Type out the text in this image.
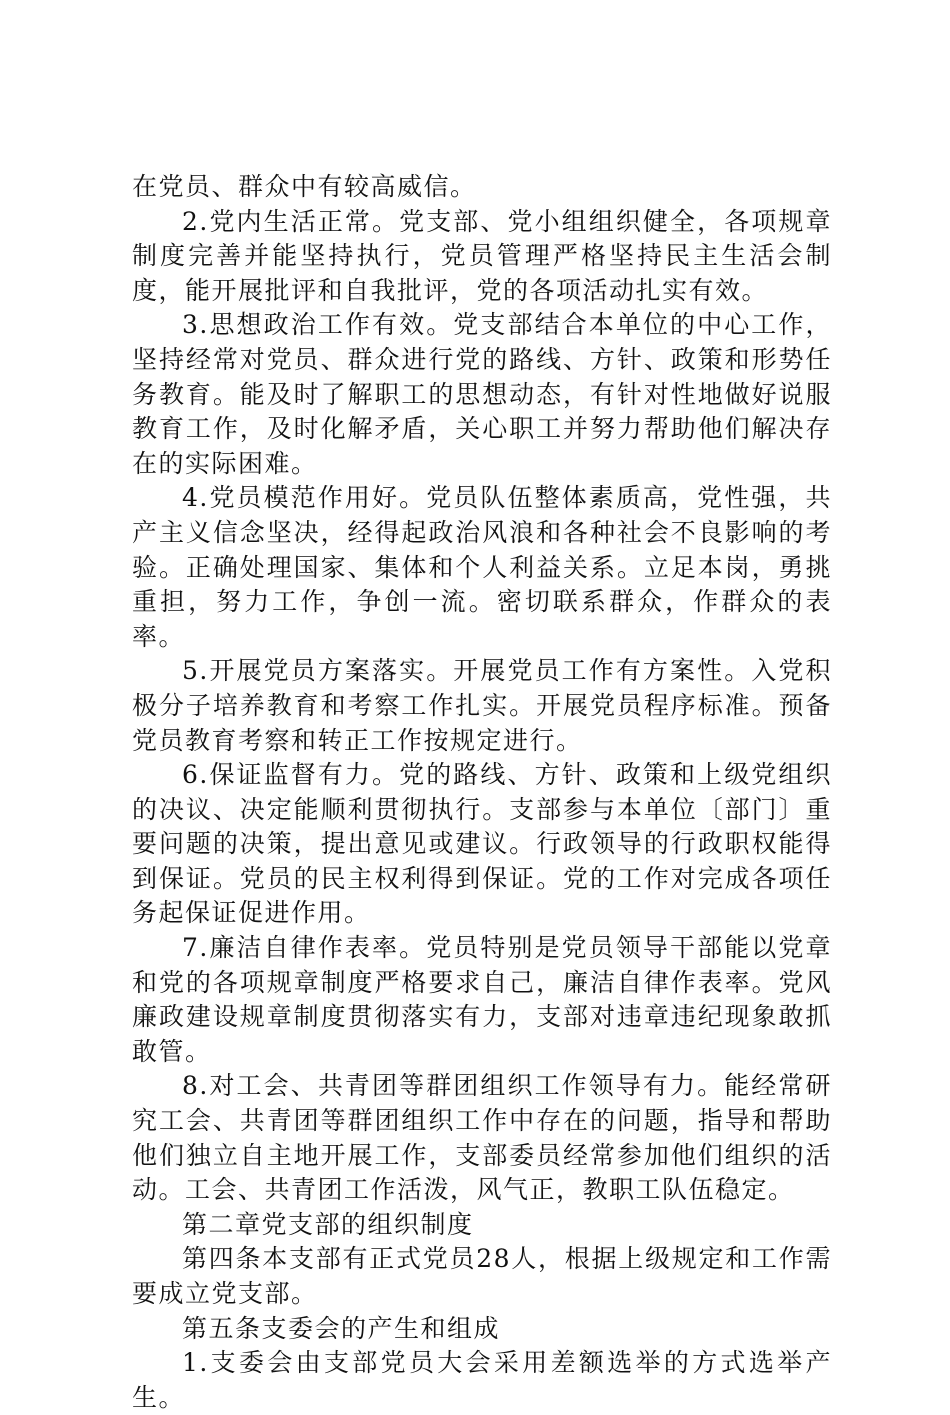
在党员、群众中有较高威信。

2.党内生活正常。党支部、党小组组织健全，各项规章制度完善并能坚持执行，党员管理严格坚持民主生活会制度，能开展批评和自我批评，党的各项活动扎实有效。

3.思想政治工作有效。党支部结合本单位的中心工作，坚持经常对党员、群众进行党的路线、方针、政策和形势任务教育。能及时了解职工的思想动态，有针对性地做好说服教育工作，及时化解矛盾，关心职工并努力帮助他们解决存在的实际困难。

4.党员模范作用好。党员队伍整体素质高，党性强，共产主义信念坚决，经得起政治风浪和各种社会不良影响的考验。正确处理国家、集体和个人利益关系。立足本岗，勇挑重担，努力工作，争创一流。密切联系群众，作群众的表率。

5.开展党员方案落实。开展党员工作有方案性。入党积极分子培养教育和考察工作扎实。开展党员程序标准。预备党员教育考察和转正工作按规定进行。

6.保证监督有力。党的路线、方针、政策和上级党组织的决议、决定能顺利贯彻执行。支部参与本单位〔部门〕重要问题的决策，提出意见或建议。行政领导的行政职权能得到保证。党员的民主权利得到保证。党的工作对完成各项任务起保证促进作用。

7.廉洁自律作表率。党员特别是党员领导干部能以党章和党的各项规章制度严格要求自己，廉洁自律作表率。党风廉政建设规章制度贯彻落实有力，支部对违章违纪现象敢抓敢管。

8.对工会、共青团等群团组织工作领导有力。能经常研究工会、共青团等群团组织工作中存在的问题，指导和帮助他们独立自主地开展工作，支部委员经常参加他们组织的活动。工会、共青团工作活泼，风气正，教职工队伍稳定。

第二章党支部的组织制度

第四条本支部有正式党员28人，根据上级规定和工作需要成立党支部。

第五条支委会的产生和组成

1.支委会由支部党员大会采用差额选举的方式选举产生。
